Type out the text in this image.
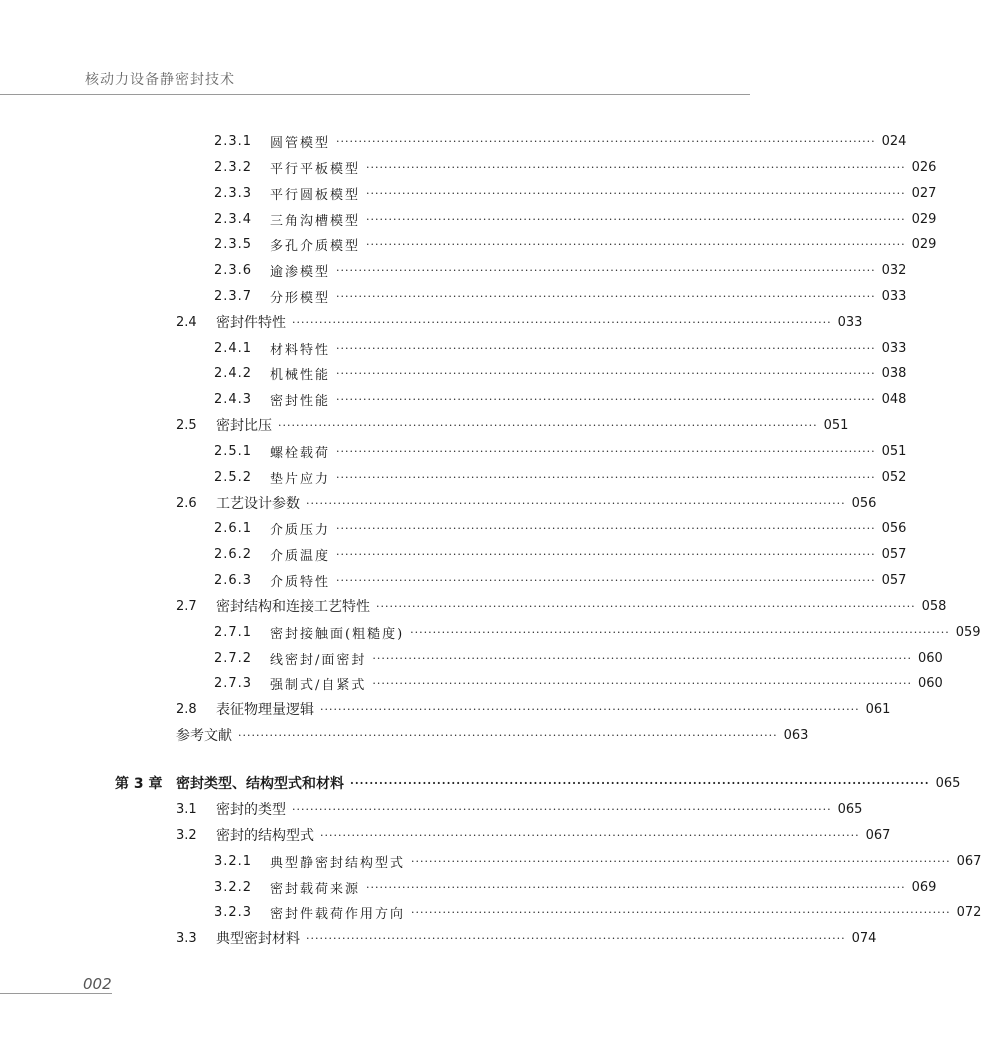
核动力设备静密封技术
2.3.1	圆管模型 ························································································································ 024
2.3.2	平行平板模型 ························································································································ 026
2.3.3	平行圆板模型 ························································································································ 027
2.3.4	三角沟槽模型 ························································································································ 029
2.3.5	多孔介质模型 ························································································································ 029
2.3.6	逾渗模型 ························································································································ 032
2.3.7	分形模型 ························································································································ 033
2.4	密封件特性 ························································································································ 033
2.4.1	材料特性 ························································································································ 033
2.4.2	机械性能 ························································································································ 038
2.4.3	密封性能 ························································································································ 048
2.5	密封比压 ························································································································ 051
2.5.1	螺栓载荷 ························································································································ 051
2.5.2	垫片应力 ························································································································ 052
2.6	工艺设计参数 ························································································································ 056
2.6.1	介质压力 ························································································································ 056
2.6.2	介质温度 ························································································································ 057
2.6.3	介质特性 ························································································································ 057
2.7	密封结构和连接工艺特性 ························································································································ 058
2.7.1	密封接触面(粗糙度) ························································································································ 059
2.7.2	线密封/面密封 ························································································································ 060
2.7.3	强制式/自紧式 ························································································································ 060
2.8	表征物理量逻辑 ························································································································ 061
参考文献 ························································································································ 063
第 3 章 密封类型、结构型式和材料 ························································································································ 065
3.1	密封的类型 ························································································································ 065
3.2	密封的结构型式 ························································································································ 067
3.2.1	典型静密封结构型式 ························································································································ 067
3.2.2	密封载荷来源 ························································································································ 069
3.2.3	密封件载荷作用方向 ························································································································ 072
3.3	典型密封材料 ························································································································ 074
002
